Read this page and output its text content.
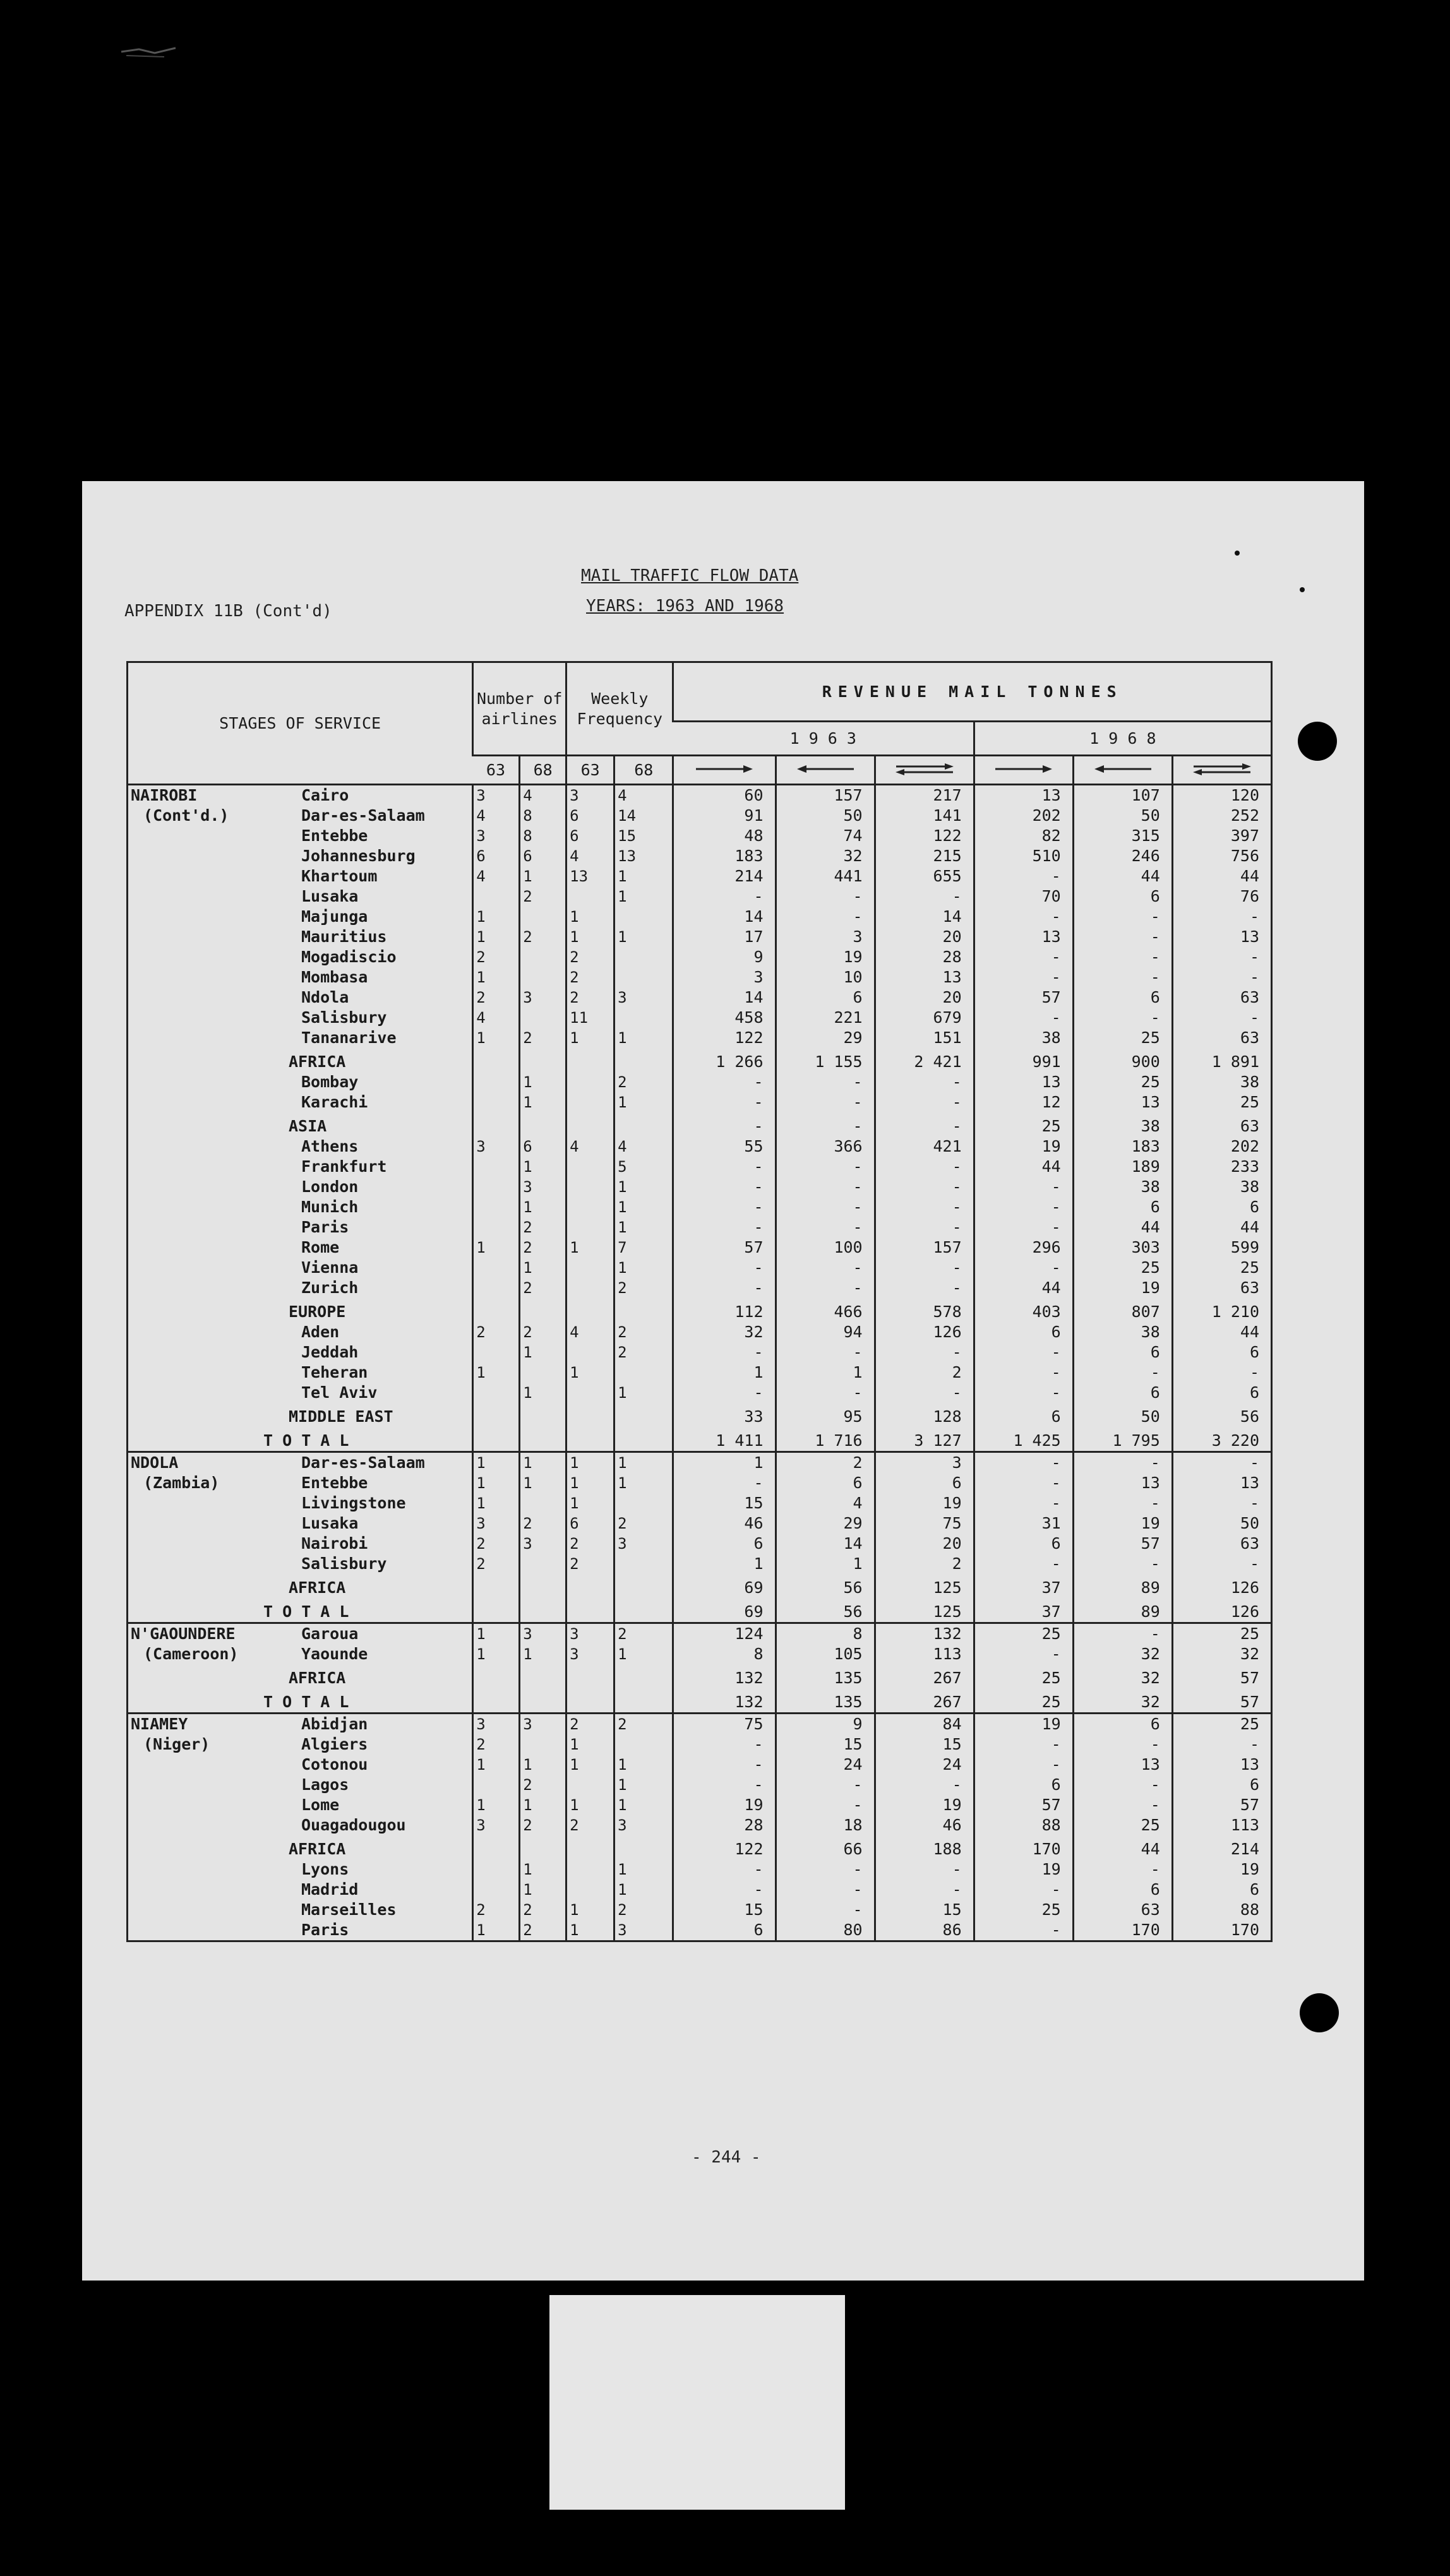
MAIL TRAFFIC FLOW DATA
APPENDIX 11B (Cont'd)	YEARS: 1963 AND 1968
STAGES OF SERVICE	Number of airlines		Weekly Frequency		REVENUE MAIL TONNES					
					1 9 6 3			1 9 6 8		
	63	68	63	68						
NAIROBI Cairo	3	4	3	4	60	157	217	13	107	120
(Cont'd.) Dar-es-Salaam	4	8	6	14	91	50	141	202	50	252
Entebbe	3	8	6	15	48	74	122	82	315	397
Johannesburg	6	6	4	13	183	32	215	510	246	756
Khartoum	4	1	13	1	214	441	655	-	44	44
Lusaka		2		1	-	-	-	70	6	76
Majunga	1		1		14	-	14	-	-	-
Mauritius	1	2	1	1	17	3	20	13	-	13
Mogadiscio	2		2		9	19	28	-	-	-
Mombasa	1		2		3	10	13	-	-	-
Ndola	2	3	2	3	14	6	20	57	6	63
Salisbury	4		11		458	221	679	-	-	-
Tananarive	1	2	1	1	122	29	151	38	25	63
AFRICA					1 266	1 155	2 421	991	900	1 891
Bombay		1		2	-	-	-	13	25	38
Karachi		1		1	-	-	-	12	13	25
ASIA					-	-	-	25	38	63
Athens	3	6	4	4	55	366	421	19	183	202
Frankfurt		1		5	-	-	-	44	189	233
London		3		1	-	-	-	-	38	38
Munich		1		1	-	-	-	-	6	6
Paris		2		1	-	-	-	-	44	44
Rome	1	2	1	7	57	100	157	296	303	599
Vienna		1		1	-	-	-	-	25	25
Zurich		2		2	-	-	-	44	19	63
EUROPE					112	466	578	403	807	1 210
Aden	2	2	4	2	32	94	126	6	38	44
Jeddah		1		2	-	-	-	-	6	6
Teheran	1		1		1	1	2	-	-	-
Tel Aviv		1		1	-	-	-	-	6	6
MIDDLE EAST					33	95	128	6	50	56
T O T A L					1 411	1 716	3 127	1 425	1 795	3 220
NDOLA Dar-es-Salaam	1	1	1	1	1	2	3	-	-	-
(Zambia) Entebbe	1	1	1	1	-	6	6	-	13	13
Livingstone	1		1		15	4	19	-	-	-
Lusaka	3	2	6	2	46	29	75	31	19	50
Nairobi	2	3	2	3	6	14	20	6	57	63
Salisbury	2		2		1	1	2	-	-	-
AFRICA					69	56	125	37	89	126
T O T A L					69	56	125	37	89	126
N'GAOUNDERE Garoua	1	3	3	2	124	8	132	25	-	25
(Cameroon) Yaounde	1	1	3	1	8	105	113	-	32	32
AFRICA					132	135	267	25	32	57
T O T A L					132	135	267	25	32	57
NIAMEY Abidjan	3	3	2	2	75	9	84	19	6	25
(Niger) Algiers	2		1		-	15	15	-	-	-
Cotonou	1	1	1	1	-	24	24	-	13	13
Lagos		2		1	-	-	-	6	-	6
Lome	1	1	1	1	19	-	19	57	-	57
Ouagadougou	3	2	2	3	28	18	46	88	25	113
AFRICA					122	66	188	170	44	214
Lyons		1		1	-	-	-	19	-	19
Madrid		1		1	-	-	-	-	6	6
Marseilles	2	2	1	2	15	-	15	25	63	88
Paris	1	2	1	3	6	80	86	-	170	170
- 244 -
